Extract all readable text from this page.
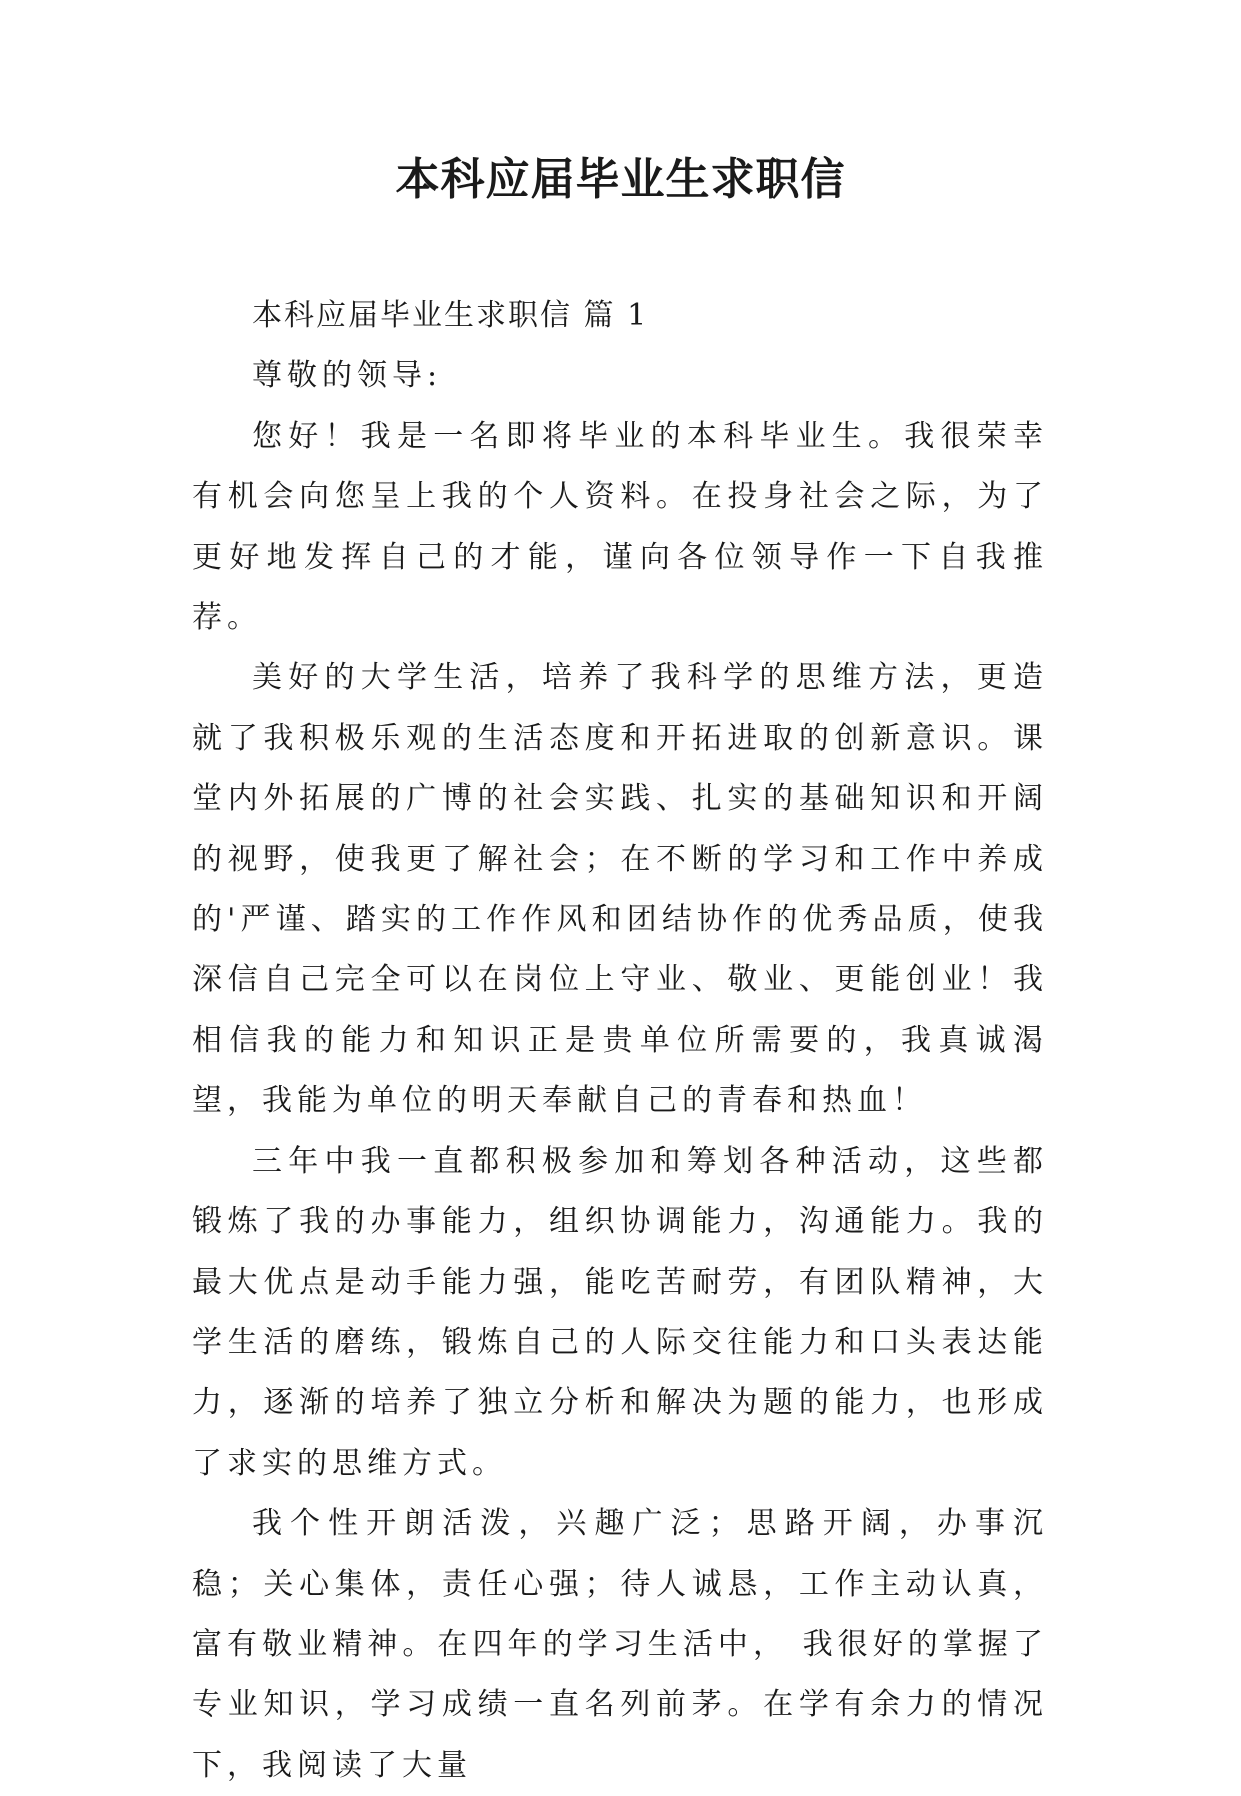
本科应届毕业生求职信

本科应届毕业生求职信 篇 1

尊敬的领导:

您好！我是一名即将毕业的本科毕业生。我很荣幸有机会向您呈上我的个人资料。在投身社会之际，为了更好地发挥自己的才能，谨向各位领导作一下自我推荐。

美好的大学生活，培养了我科学的思维方法，更造就了我积极乐观的生活态度和开拓进取的创新意识。课堂内外拓展的广博的社会实践、扎实的基础知识和开阔的视野，使我更了解社会；在不断的学习和工作中养成的'严谨、踏实的工作作风和团结协作的优秀品质，使我深信自己完全可以在岗位上守业、敬业、更能创业！我相信我的能力和知识正是贵单位所需要的，我真诚渴望，我能为单位的明天奉献自己的青春和热血！

三年中我一直都积极参加和筹划各种活动，这些都锻炼了我的办事能力，组织协调能力，沟通能力。我的最大优点是动手能力强，能吃苦耐劳，有团队精神，大学生活的磨练，锻炼自己的人际交往能力和口头表达能力，逐渐的培养了独立分析和解决为题的能力，也形成了求实的思维方式。

我个性开朗活泼，兴趣广泛；思路开阔，办事沉稳；关心集体，责任心强；待人诚恳，工作主动认真，富有敬业精神。在四年的学习生活中， 我很好的掌握了专业知识，学习成绩一直名列前茅。在学有余力的情况下，我阅读了大量
